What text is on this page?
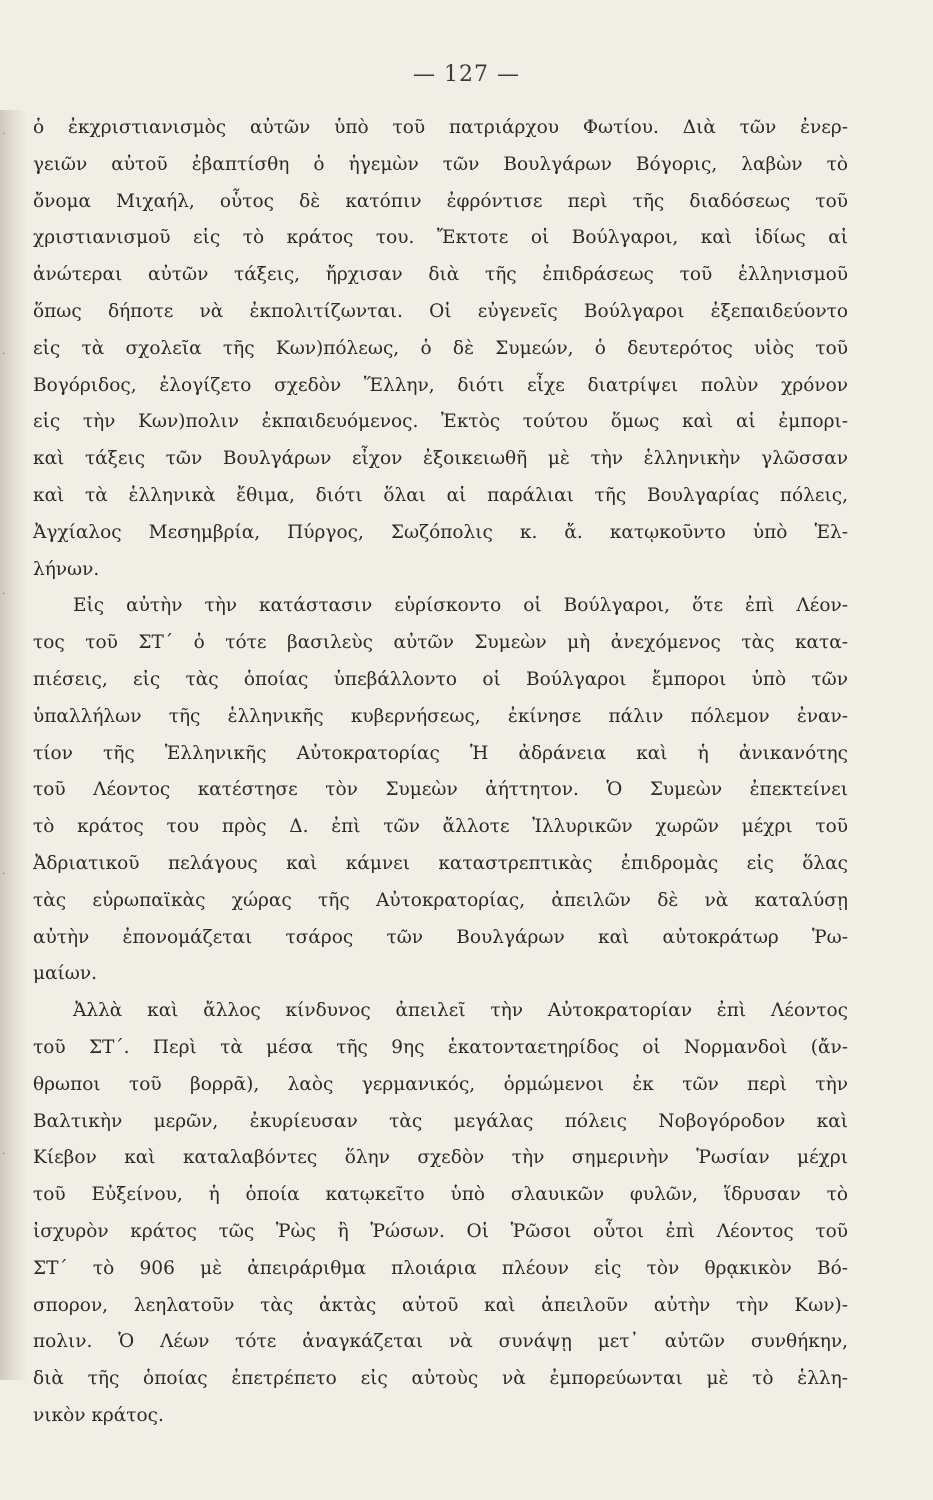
·
·
·
·
·
— 127 —
ὁ ἐκχριστιανισμὸς αὐτῶν ὑπὸ τοῦ πατριάρχου Φωτίου. Διὰ τῶν ἐνερ-
γειῶν αὐτοῦ ἐβαπτίσθη ὁ ἡγεμὼν τῶν Βουλγάρων Βόγορις, λαβὼν τὸ
ὄνομα Μιχαήλ, οὗτος δὲ κατόπιν ἐφρόντισε περὶ τῆς διαδόσεως τοῦ
χριστιανισμοῦ εἰς τὸ κράτος του. Ἔκτοτε οἱ Βούλγαροι, καὶ ἰδίως αἱ
ἀνώτεραι αὐτῶν τάξεις, ἤρχισαν διὰ τῆς ἐπιδράσεως τοῦ ἑλληνισμοῦ
ὅπως δήποτε νὰ ἐκπολιτίζωνται. Οἱ εὐγενεῖς Βούλγαροι ἐξεπαιδεύοντο
εἰς τὰ σχολεῖα τῆς Κων)πόλεως, ὁ δὲ Συμεών, ὁ δευτερότος υἱὸς τοῦ
Βογόριδος, ἐλογίζετο σχεδὸν Ἕλλην, διότι εἶχε διατρίψει πολὺν χρόνον
εἰς τὴν Κων)πολιν ἐκπαιδευόμενος. Ἐκτὸς τούτου ὅμως καὶ αἱ ἐμπορι-
καὶ τάξεις τῶν Βουλγάρων εἶχον ἐξοικειωθῆ μὲ τὴν ἑλληνικὴν γλῶσσαν
καὶ τὰ ἑλληνικὰ ἔθιμα, διότι ὅλαι αἱ παράλιαι τῆς Βουλγαρίας πόλεις,
Ἀγχίαλος Μεσημβρία, Πύργος, Σωζόπολις κ. ἄ. κατῳκοῦντο ὑπὸ Ἑλ-
λήνων.
Εἰς αὐτὴν τὴν κατάστασιν εὑρίσκοντο οἱ Βούλγαροι, ὅτε ἐπὶ Λέον-
τος τοῦ ΣΤ΄ ὁ τότε βασιλεὺς αὐτῶν Συμεὼν μὴ ἀνεχόμενος τὰς κατα-
πιέσεις, εἰς τὰς ὁποίας ὑπεβάλλοντο οἱ Βούλγαροι ἔμποροι ὑπὸ τῶν
ὑπαλλήλων τῆς ἑλληνικῆς κυβερνήσεως, ἐκίνησε πάλιν πόλεμον ἐναν-
τίον τῆς Ἑλληνικῆς Αὐτοκρατορίας Ἡ ἀδράνεια καὶ ἡ ἀνικανότης
τοῦ Λέοντος κατέστησε τὸν Συμεὼν ἀήττητον. Ὁ Συμεὼν ἐπεκτείνει
τὸ κράτος του πρὸς Δ. ἐπὶ τῶν ἄλλοτε Ἰλλυρικῶν χωρῶν μέχρι τοῦ
Ἀδριατικοῦ πελάγους καὶ κάμνει καταστρεπτικὰς ἐπιδρομὰς εἰς ὅλας
τὰς εὐρωπαϊκὰς χώρας τῆς Αὐτοκρατορίας, ἀπειλῶν δὲ νὰ καταλύσῃ
αὐτὴν ἐπονομάζεται τσάρος τῶν Βουλγάρων καὶ αὐτοκράτωρ Ῥω-
μαίων.
Ἀλλὰ καὶ ἄλλος κίνδυνος ἀπειλεῖ τὴν Αὐτοκρατορίαν ἐπὶ Λέοντος
τοῦ ΣΤ΄. Περὶ τὰ μέσα τῆς 9ης ἑκατονταετηρίδος οἱ Νορμανδοὶ (ἄν-
θρωποι τοῦ βορρᾶ), λαὸς γερμανικός, ὁρμώμενοι ἐκ τῶν περὶ τὴν
Βαλτικὴν μερῶν, ἐκυρίευσαν τὰς μεγάλας πόλεις Νοβογόροδον καὶ
Κίεβον καὶ καταλαβόντες ὅλην σχεδὸν τὴν σημερινὴν Ῥωσίαν μέχρι
τοῦ Εὐξείνου, ἡ ὁποία κατῳκεῖτο ὑπὸ σλαυικῶν φυλῶν, ἵδρυσαν τὸ
ἰσχυρὸν κράτος τῶς Ῥὼς ἢ Ῥώσων. Οἱ Ῥῶσοι οὗτοι ἐπὶ Λέοντος τοῦ
ΣΤ΄ τὸ 906 μὲ ἀπειράριθμα πλοιάρια πλέουν εἰς τὸν θρᾳκικὸν Βό-
σπορον, λεηλατοῦν τὰς ἀκτὰς αὐτοῦ καὶ ἀπειλοῦν αὐτὴν τὴν Κων)-
πολιν. Ὁ Λέων τότε ἀναγκάζεται νὰ συνάψῃ μετ᾽ αὐτῶν συνθήκην,
διὰ τῆς ὁποίας ἐπετρέπετο εἰς αὐτοὺς νὰ ἐμπορεύωνται μὲ τὸ ἑλλη-
νικὸν κράτος.
